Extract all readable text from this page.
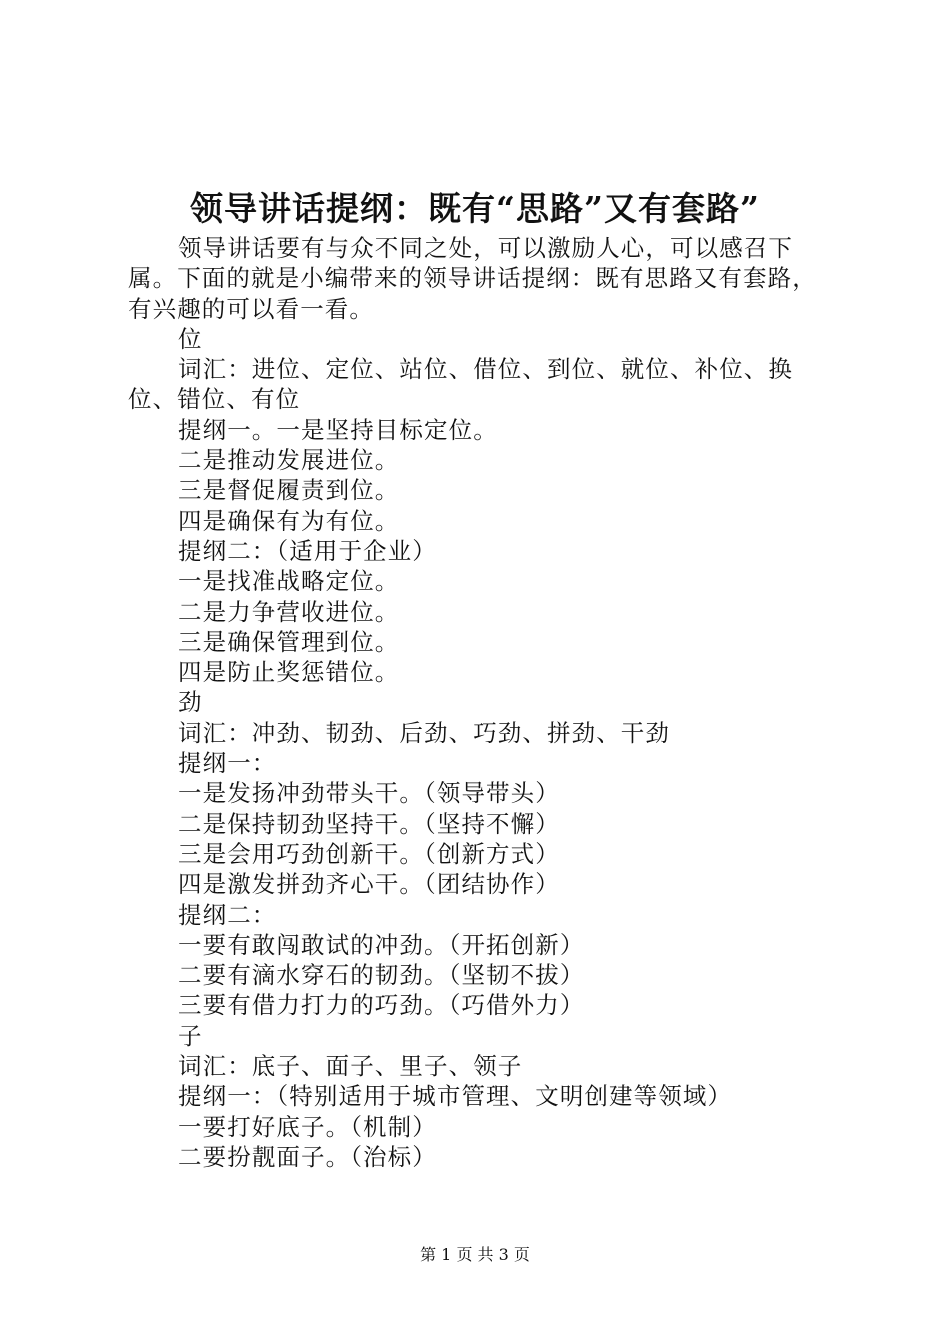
领导讲话提纲：既有“思路”又有套路”
领导讲话要有与众不同之处，可以激励人心，可以感召下
属。下面的就是小编带来的领导讲话提纲：既有思路又有套路，
有兴趣的可以看一看。
位
词汇：进位、定位、站位、借位、到位、就位、补位、换
位、错位、有位
提纲一。一是坚持目标定位。
二是推动发展进位。
三是督促履责到位。
四是确保有为有位。
提纲二：（适用于企业）
一是找准战略定位。
二是力争营收进位。
三是确保管理到位。
四是防止奖惩错位。
劲
词汇：冲劲、韧劲、后劲、巧劲、拼劲、干劲
提纲一：
一是发扬冲劲带头干。（领导带头）
二是保持韧劲坚持干。（坚持不懈）
三是会用巧劲创新干。（创新方式）
四是激发拼劲齐心干。（团结协作）
提纲二：
一要有敢闯敢试的冲劲。（开拓创新）
二要有滴水穿石的韧劲。（坚韧不拔）
三要有借力打力的巧劲。（巧借外力）
子
词汇：底子、面子、里子、领子
提纲一：（特别适用于城市管理、文明创建等领域）
一要打好底子。（机制）
二要扮靓面子。（治标）
第 1 页 共 3 页
